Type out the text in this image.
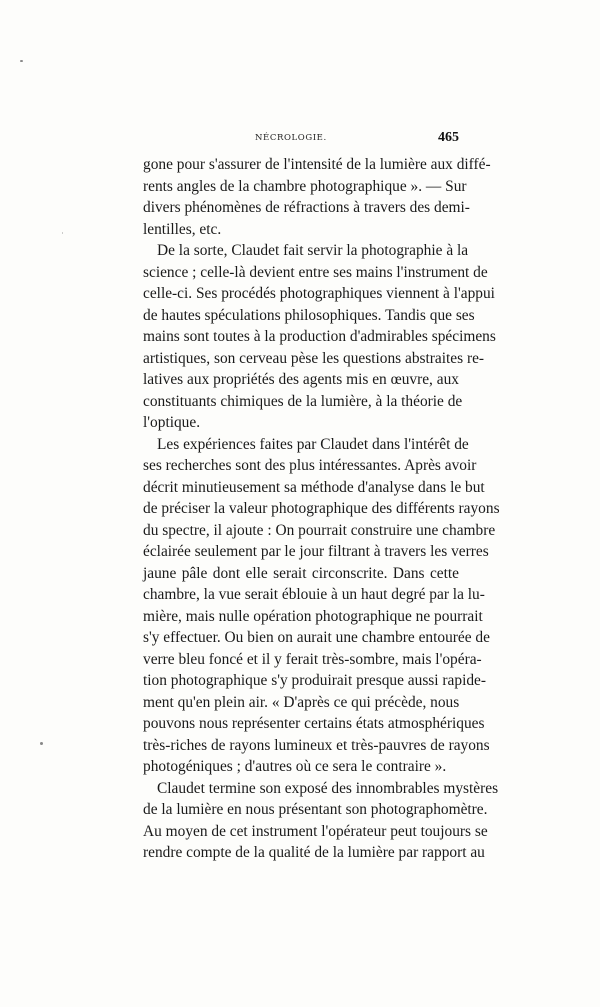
NÉCROLOGIE.	465
gone pour s'assurer de l'intensité de la lumière aux diffé-
rents angles de la chambre photographique ». — Sur
divers phénomènes de réfractions à travers des demi-
lentilles, etc.
De la sorte, Claudet fait servir la photographie à la
science ; celle-là devient entre ses mains l'instrument de
celle-ci. Ses procédés photographiques viennent à l'appui
de hautes spéculations philosophiques. Tandis que ses
mains sont toutes à la production d'admirables spécimens
artistiques, son cerveau pèse les questions abstraites re-
latives aux propriétés des agents mis en œuvre, aux
constituants chimiques de la lumière, à la théorie de
l'optique.
Les expériences faites par Claudet dans l'intérêt de
ses recherches sont des plus intéressantes. Après avoir
décrit minutieusement sa méthode d'analyse dans le but
de préciser la valeur photographique des différents rayons
du spectre, il ajoute : On pourrait construire une chambre
éclairée seulement par le jour filtrant à travers les verres
jaune pâle dont elle serait circonscrite. Dans cette
chambre, la vue serait éblouie à un haut degré par la lu-
mière, mais nulle opération photographique ne pourrait
s'y effectuer. Ou bien on aurait une chambre entourée de
verre bleu foncé et il y ferait très-sombre, mais l'opéra-
tion photographique s'y produirait presque aussi rapide-
ment qu'en plein air. « D'après ce qui précède, nous
pouvons nous représenter certains états atmosphériques
très-riches de rayons lumineux et très-pauvres de rayons
photogéniques ; d'autres où ce sera le contraire ».
Claudet termine son exposé des innombrables mystères
de la lumière en nous présentant son photographomètre.
Au moyen de cet instrument l'opérateur peut toujours se
rendre compte de la qualité de la lumière par rapport au
